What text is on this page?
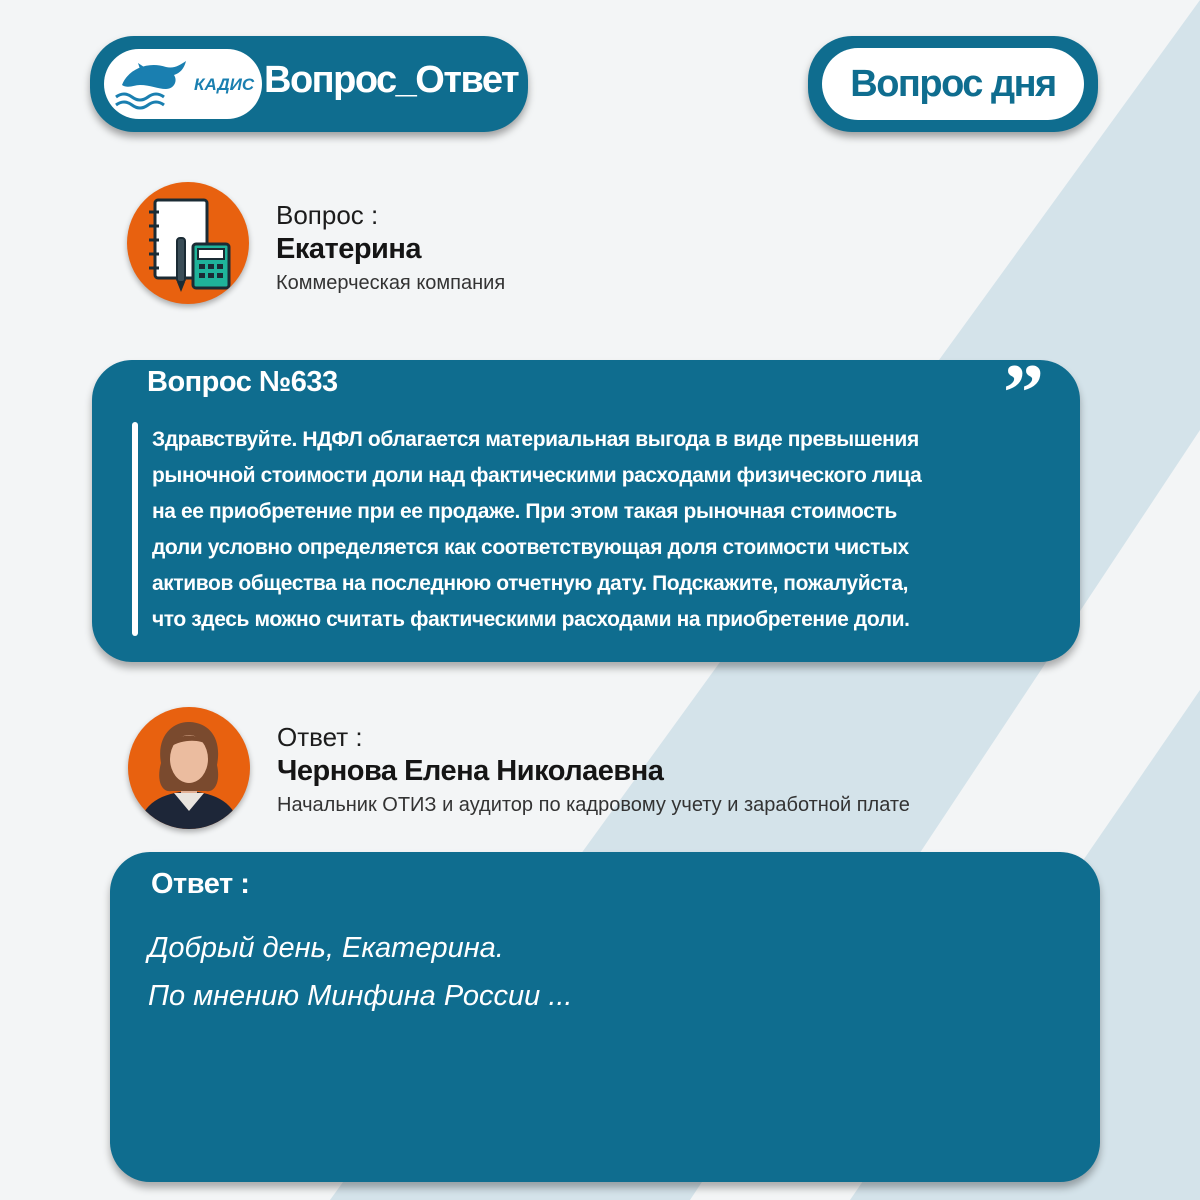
КАДИС Вопрос_Ответ	Вопрос дня
Вопрос :
Екатерина
Коммерческая компания
Вопрос №633	”
Здравствуйте. НДФЛ облагается материальная выгода в виде превышения
рыночной стоимости доли над фактическими расходами физического лица
на ее приобретение при ее продаже. При этом такая рыночная стоимость
доли условно определяется как соответствующая доля стоимости чистых
активов общества на последнюю отчетную дату. Подскажите, пожалуйста,
что здесь можно считать фактическими расходами на приобретение доли.
Ответ :
Чернова Елена Николаевна
Начальник ОТИЗ и аудитор по кадровому учету и заработной плате
Ответ :
Добрый день, Екатерина.
По мнению Минфина России ...
